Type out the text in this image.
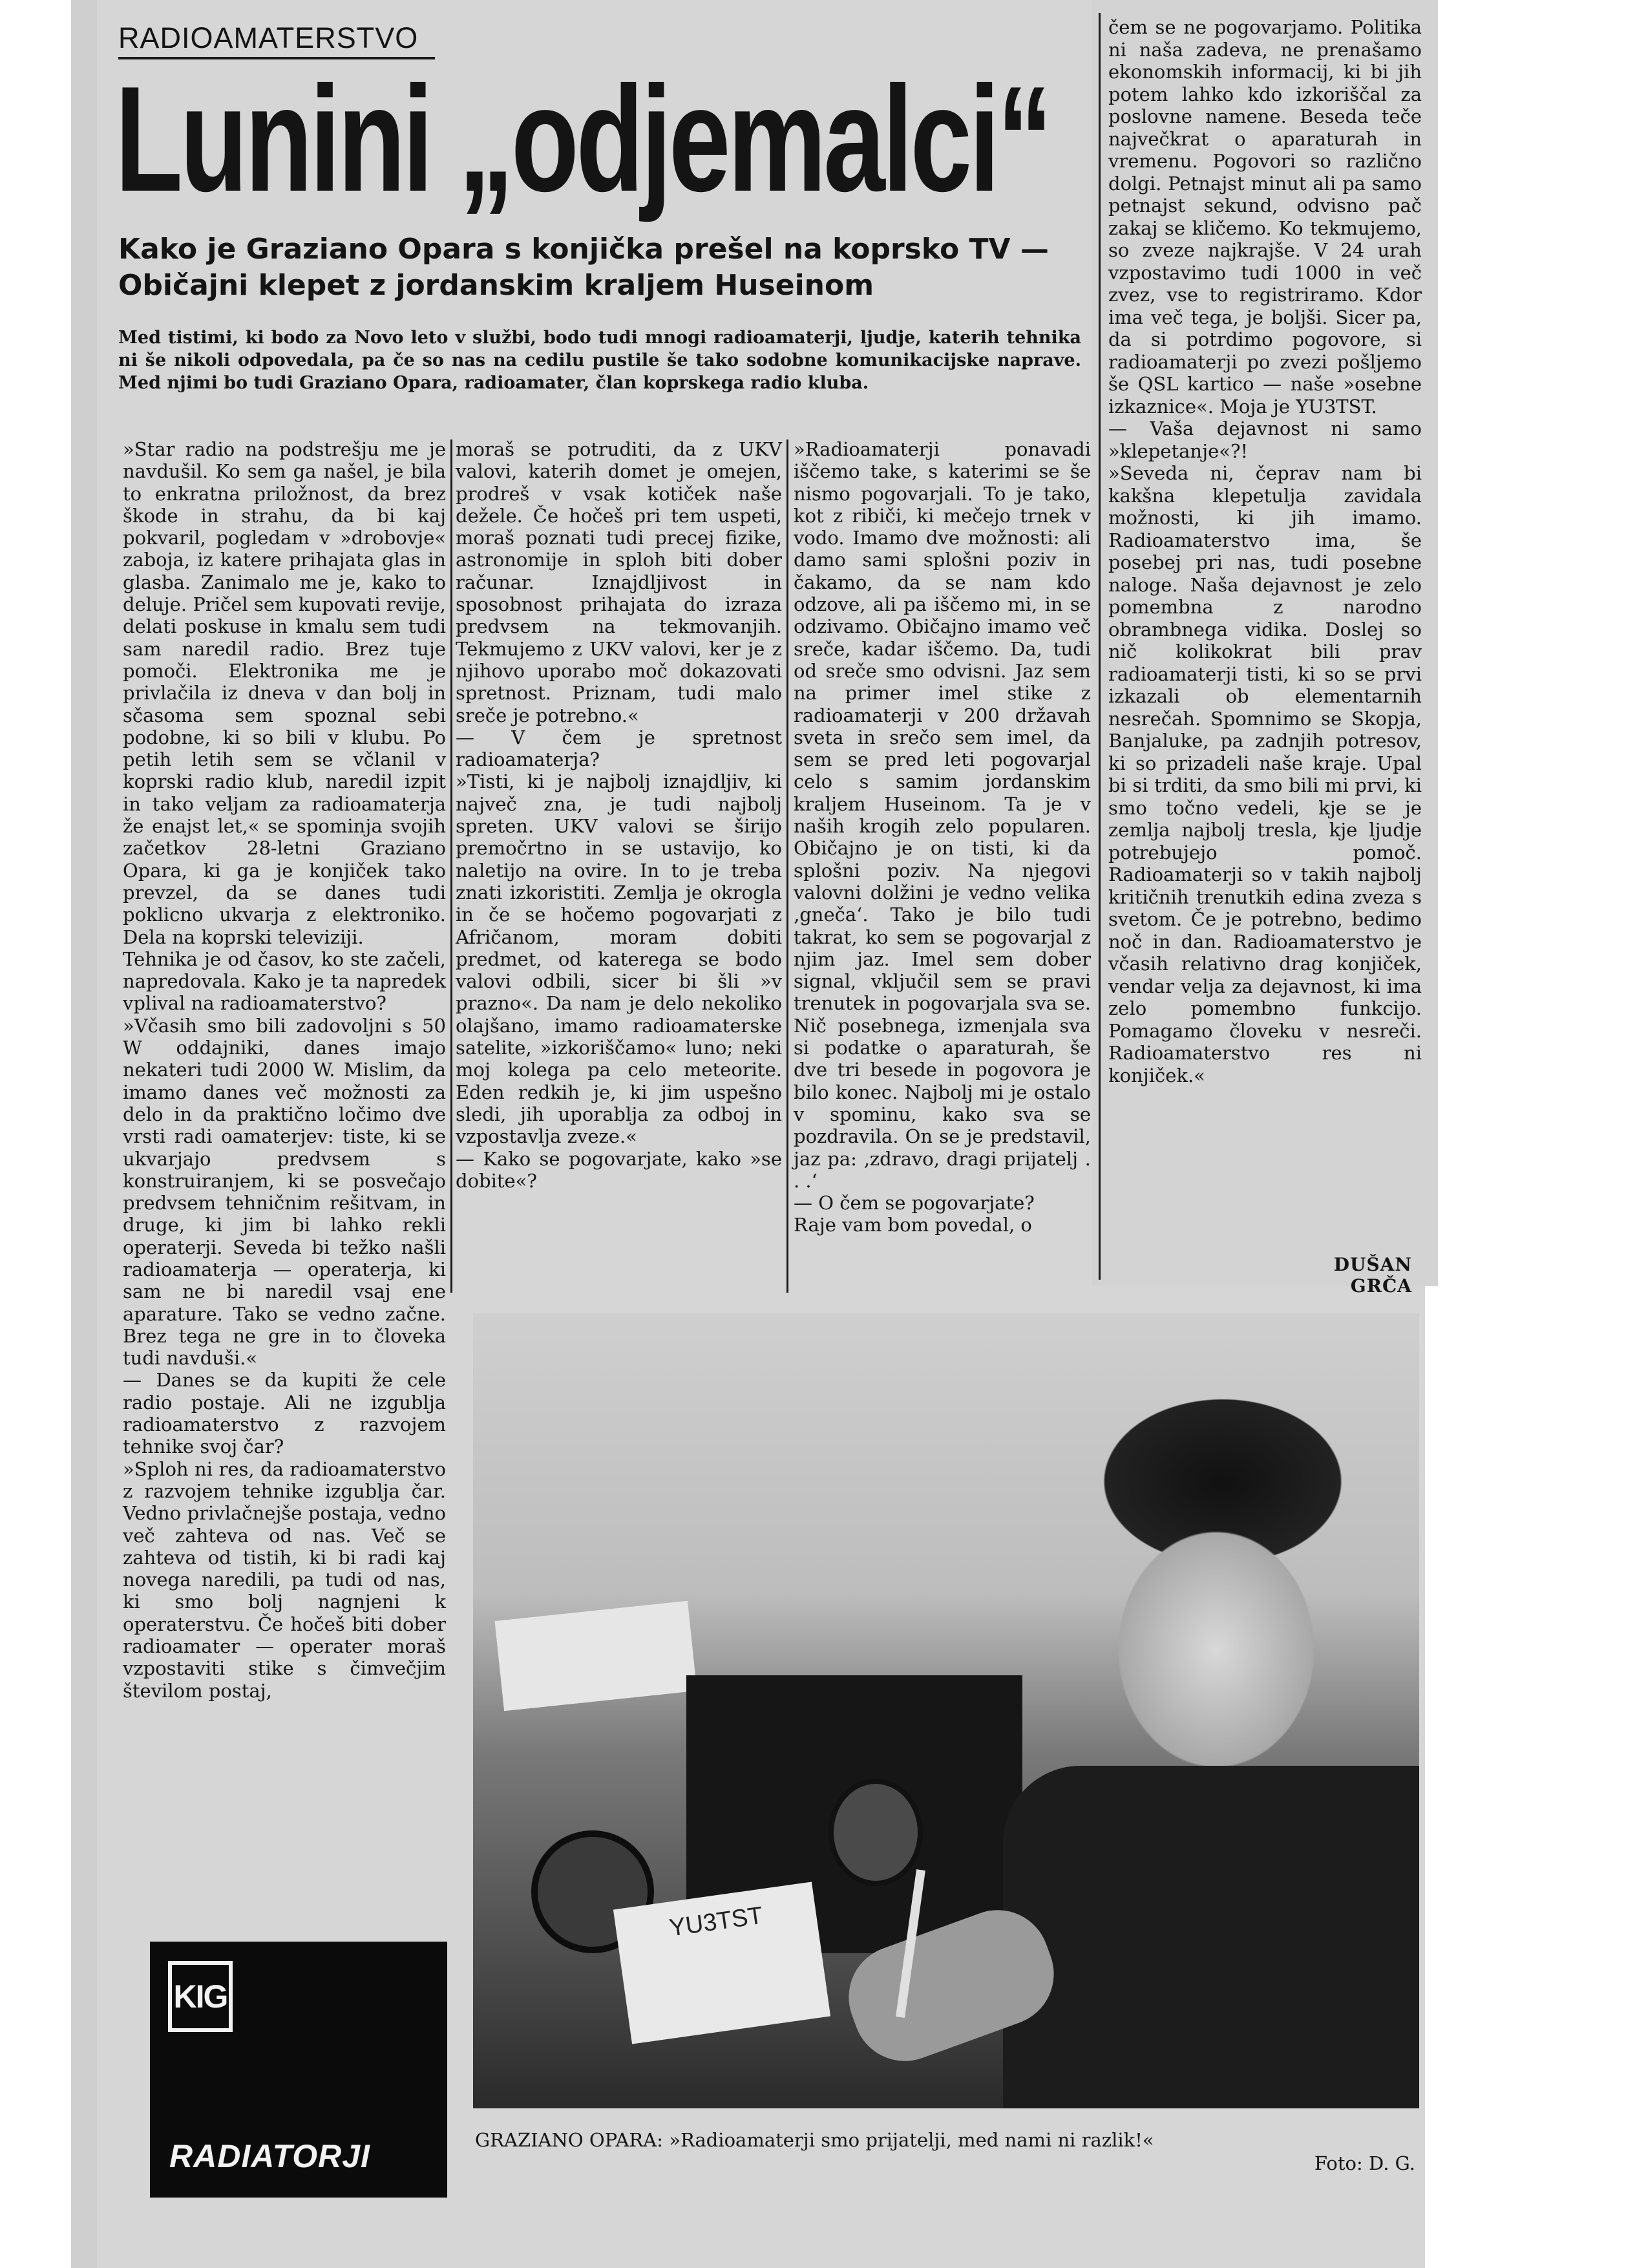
RADIOAMATERSTVO
Lunini „odjemalci“
Kako je Graziano Opara s konjička prešel na koprsko TV — Običajni klepet z jordanskim kraljem Huseinom
Med tistimi, ki bodo za Novo leto v službi, bodo tudi mnogi radioamaterji, ljudje, katerih tehnika ni še nikoli odpovedala, pa če so nas na cedilu pustile še tako sodobne komunikacijske naprave. Med njimi bo tudi Graziano Opara, radioamater, član koprskega radio kluba.

»Star radio na podstrešju me je navdušil. Ko sem ga našel, je bila to enkratna priložnost, da brez škode in strahu, da bi kaj pokvaril, pogledam v »drobovje« zaboja, iz katere prihajata glas in glasba. Zanimalo me je, kako to deluje. Pričel sem kupovati revije, delati poskuse in kmalu sem tudi sam naredil radio. Brez tuje pomoči. Elektronika me je privlačila iz dneva v dan bolj in sčasoma sem spoznal sebi podobne, ki so bili v klubu. Po petih letih sem se včlanil v koprski radio klub, naredil izpit in tako veljam za radioamaterja že enajst let,« se spominja svojih začetkov 28-letni Graziano Opara, ki ga je konjiček tako prevzel, da se danes tudi poklicno ukvarja z elektroniko. Dela na koprski televiziji.

Tehnika je od časov, ko ste začeli, napredovala. Kako je ta napredek vplival na radioamaterstvo?

»Včasih smo bili zadovoljni s 50 W oddajniki, danes imajo nekateri tudi 2000 W. Mislim, da imamo danes več možnosti za delo in da praktično ločimo dve vrsti radi oamaterjev: tiste, ki se ukvarjajo predvsem s konstruiranjem, ki se posvečajo predvsem tehničnim rešitvam, in druge, ki jim bi lahko rekli operaterji. Seveda bi težko našli radioamaterja — operaterja, ki sam ne bi naredil vsaj ene aparature. Tako se vedno začne. Brez tega ne gre in to človeka tudi navduši.«

— Danes se da kupiti že cele radio postaje. Ali ne izgublja radioamaterstvo z razvojem tehnike svoj čar?

»Sploh ni res, da radioamaterstvo z razvojem tehnike izgublja čar. Vedno privlačnejše postaja, vedno več zahteva od nas. Več se zahteva od tistih, ki bi radi kaj novega naredili, pa tudi od nas, ki smo bolj nagnjeni k operaterstvu. Če hočeš biti dober radioamater — operater moraš vzpostaviti stike s čimvečjim številom postaj,

moraš se potruditi, da z UKV valovi, katerih domet je omejen, prodreš v vsak kotiček naše dežele. Če hočeš pri tem uspeti, moraš poznati tudi precej fizike, astronomije in sploh biti dober računar. Iznajdljivost in sposobnost prihajata do izraza predvsem na tekmovanjih. Tekmujemo z UKV valovi, ker je z njihovo uporabo moč dokazovati spretnost. Priznam, tudi malo sreče je potrebno.«

— V čem je spretnost radioamaterja?

»Tisti, ki je najbolj iznajdljiv, ki največ zna, je tudi najbolj spreten. UKV valovi se širijo premočrtno in se ustavijo, ko naletijo na ovire. In to je treba znati izkoristiti. Zemlja je okrogla in če se hočemo pogovarjati z Afričanom, moram dobiti predmet, od katerega se bodo valovi odbili, sicer bi šli »v prazno«. Da nam je delo nekoliko olajšano, imamo radioamaterske satelite, »izkoriščamo« luno; neki moj kolega pa celo meteorite. Eden redkih je, ki jim uspešno sledi, jih uporablja za odboj in vzpostavlja zveze.«

— Kako se pogovarjate, kako »se dobite«?

»Radioamaterji ponavadi iščemo take, s katerimi se še nismo pogovarjali. To je tako, kot z ribiči, ki mečejo trnek v vodo. Imamo dve možnosti: ali damo sami splošni poziv in čakamo, da se nam kdo odzove, ali pa iščemo mi, in se odzivamo. Običajno imamo več sreče, kadar iščemo. Da, tudi od sreče smo odvisni. Jaz sem na primer imel stike z radioamaterji v 200 državah sveta in srečo sem imel, da sem se pred leti pogovarjal celo s samim jordanskim kraljem Huseinom. Ta je v naših krogih zelo popularen. Običajno je on tisti, ki da splošni poziv. Na njegovi valovni dolžini je vedno velika ‚gneča‘. Tako je bilo tudi takrat, ko sem se pogovarjal z njim jaz. Imel sem dober signal, vključil sem se pravi trenutek in pogovarjala sva se. Nič posebnega, izmenjala sva si podatke o aparaturah, še dve tri besede in pogovora je bilo konec. Najbolj mi je ostalo v spominu, kako sva se pozdravila. On se je predstavil, jaz pa: ‚zdravo, dragi prijatelj . . .‘

— O čem se pogovarjate?

Raje vam bom povedal, o

čem se ne pogovarjamo. Politika ni naša zadeva, ne prenašamo ekonomskih informacij, ki bi jih potem lahko kdo izkoriščal za poslovne namene. Beseda teče največkrat o aparaturah in vremenu. Pogovori so različno dolgi. Petnajst minut ali pa samo petnajst sekund, odvisno pač zakaj se kličemo. Ko tekmujemo, so zveze najkrajše. V 24 urah vzpostavimo tudi 1000 in več zvez, vse to registriramo. Kdor ima več tega, je boljši. Sicer pa, da si potrdimo pogovore, si radioamaterji po zvezi pošljemo še QSL kartico — naše »osebne izkaznice«. Moja je YU3TST.

— Vaša dejavnost ni samo »klepetanje«?!

»Seveda ni, čeprav nam bi kakšna klepetulja zavidala možnosti, ki jih imamo. Radioamaterstvo ima, še posebej pri nas, tudi posebne naloge. Naša dejavnost je zelo pomembna z narodno obrambnega vidika. Doslej so nič kolikokrat bili prav radioamaterji tisti, ki so se prvi izkazali ob elementarnih nesrečah. Spomnimo se Skopja, Banjaluke, pa zadnjih potresov, ki so prizadeli naše kraje. Upal bi si trditi, da smo bili mi prvi, ki smo točno vedeli, kje se je zemlja najbolj tresla, kje ljudje potrebujejo pomoč. Radioamaterji so v takih najbolj kritičnih trenutkih edina zveza s svetom. Če je potrebno, bedimo noč in dan. Radioamaterstvo je včasih relativno drag konjiček, vendar velja za dejavnost, ki ima zelo pomembno funkcijo. Pomagamo človeku v nesreči. Radioamaterstvo res ni konjiček.«

DUŠAN GRČA
YU3TST
GRAZIANO OPARA: »Radioamaterji smo prijatelji, med nami ni razlik!«
Foto: D. G.
KIG
RADIATORJI
